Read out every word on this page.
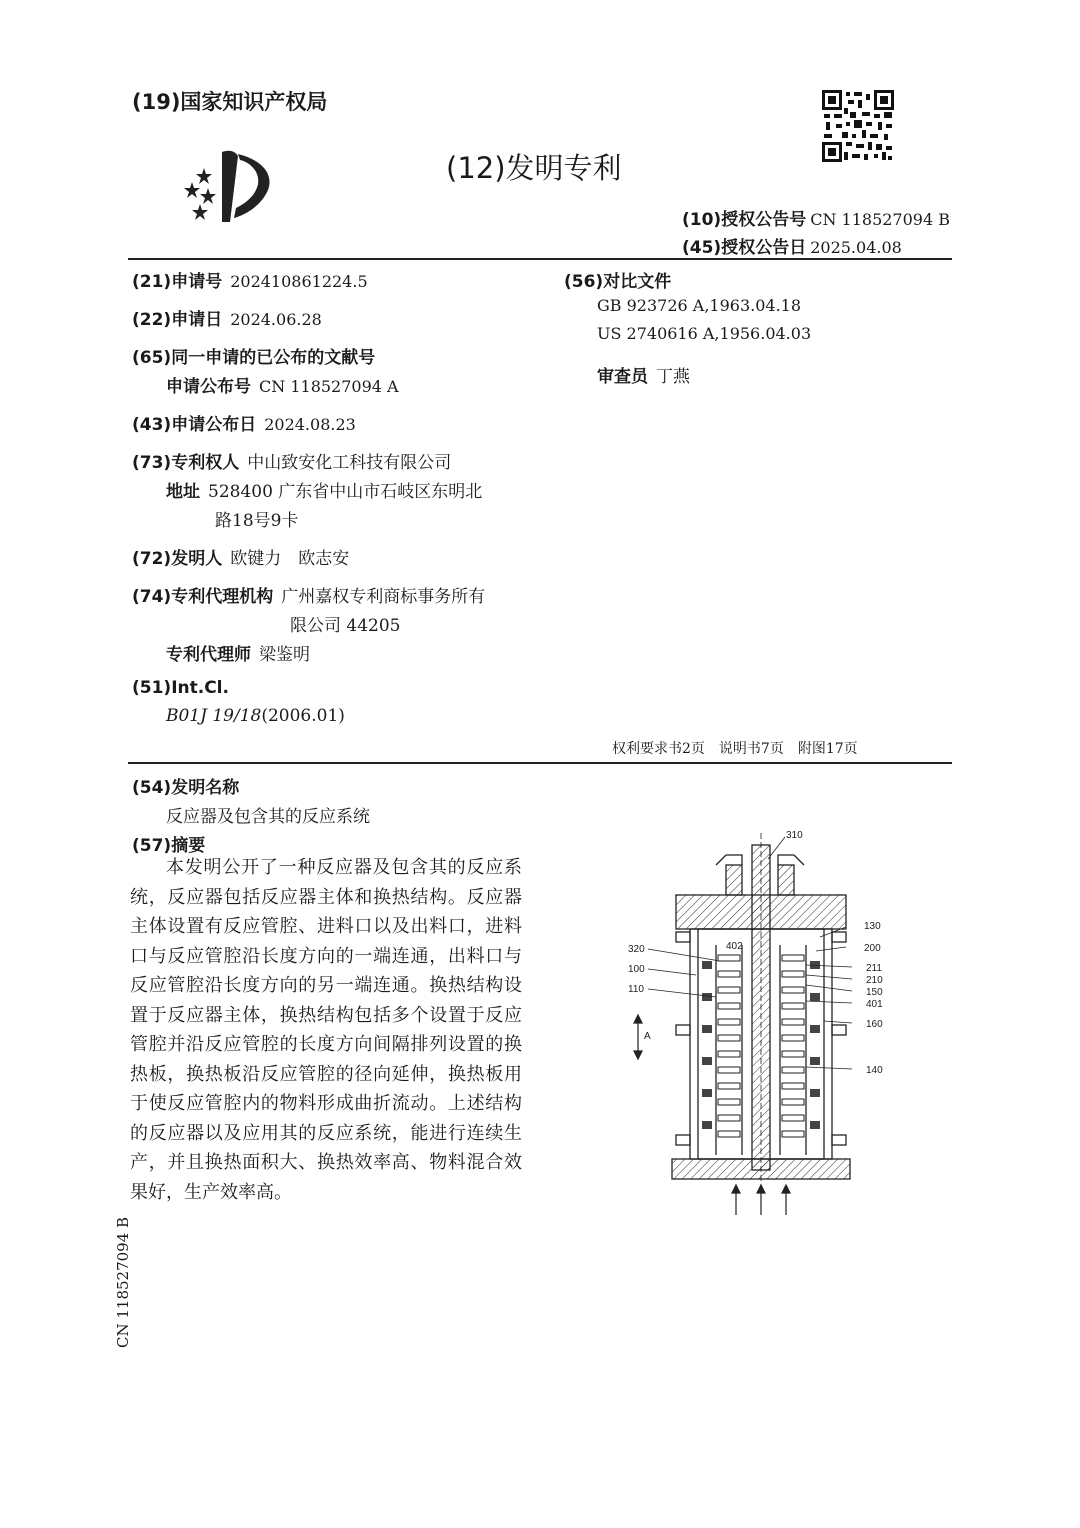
(19)国家知识产权局
(12)发明专利
(10)授权公告号 CN 118527094 B
(45)授权公告日 2025.04.08
(21)申请号 202410861224.5
(22)申请日 2024.06.28
(65)同一申请的已公布的文献号
申请公布号 CN 118527094 A
(43)申请公布日 2024.08.23
(73)专利权人 中山致安化工科技有限公司
地址 528400 广东省中山市石岐区东明北
路18号9卡
(72)发明人 欧键力　欧志安
(74)专利代理机构 广州嘉权专利商标事务所有
限公司 44205
专利代理师 梁鉴明
(51)Int.Cl.
B01J 19/18(2006.01)
(56)对比文件
GB 923726 A,1963.04.18
US 2740616 A,1956.04.03
审查员 丁燕
权利要求书2页　说明书7页　附图17页
(54)发明名称
反应器及包含其的反应系统
(57)摘要
本发明公开了一种反应器及包含其的反应系统，反应器包括反应器主体和换热结构。反应器主体设置有反应管腔、进料口以及出料口，进料口与反应管腔沿长度方向的一端连通，出料口与反应管腔沿长度方向的另一端连通。换热结构设置于反应器主体，换热结构包括多个设置于反应管腔并沿反应管腔的长度方向间隔排列设置的换热板，换热板沿反应管腔的径向延伸，换热板用于使反应管腔内的物料形成曲折流动。上述结构的反应器以及应用其的反应系统，能进行连续生产，并且换热面积大、换热效率高、物料混合效果好，生产效率高。
CN 118527094 B
310
130
200
320	402
100
110
211
210
150
401
160
140
A
